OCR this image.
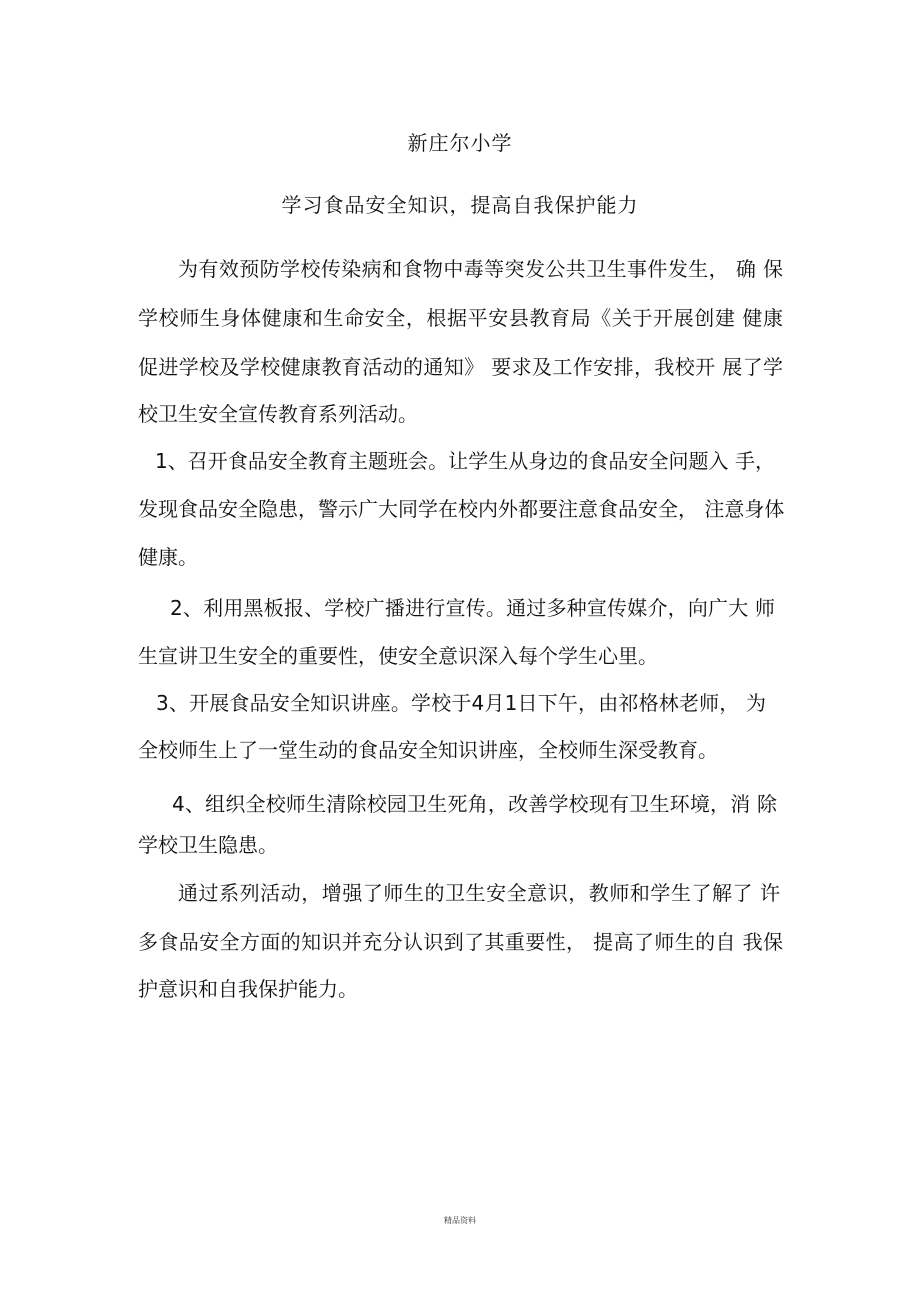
新庄尔小学

学习食品安全知识，提高自我保护能力

为有效预防学校传染病和食物中毒等突发公共卫生事件发生， 确 保

学校师生身体健康和生命安全，根据平安县教育局《关于开展创建 健康

促进学校及学校健康教育活动的通知》 要求及工作安排，我校开 展了学

校卫生安全宣传教育系列活动。

1、召开食品安全教育主题班会。让学生从身边的食品安全问题入 手，

发现食品安全隐患，警示广大同学在校内外都要注意食品安全， 注意身体

健康。

2、利用黑板报、学校广播进行宣传。通过多种宣传媒介，向广大 师

生宣讲卫生安全的重要性，使安全意识深入每个学生心里。

3、开展食品安全知识讲座。学校于4月1日下午，由祁格林老师， 为

全校师生上了一堂生动的食品安全知识讲座，全校师生深受教育。

4、组织全校师生清除校园卫生死角，改善学校现有卫生环境，消 除

学校卫生隐患。

通过系列活动，增强了师生的卫生安全意识，教师和学生了解了 许

多食品安全方面的知识并充分认识到了其重要性， 提高了师生的自 我保

护意识和自我保护能力。

精品资料
